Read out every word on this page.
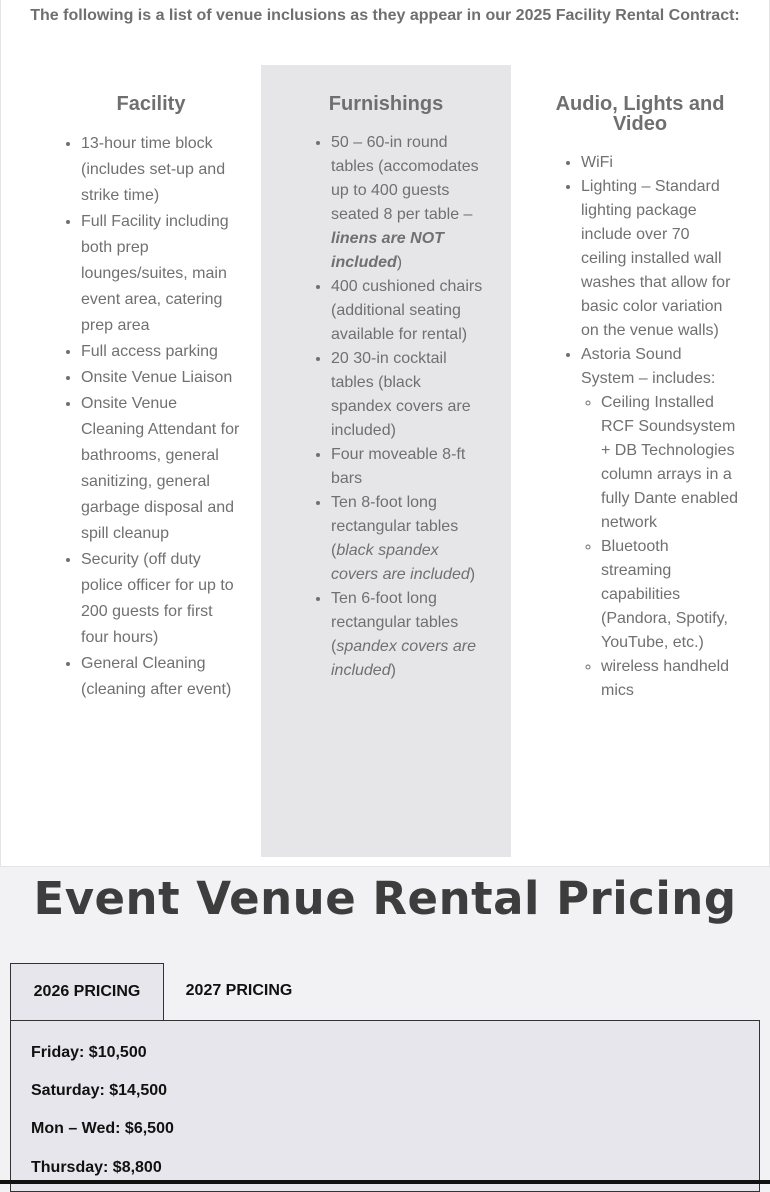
The following is a list of venue inclusions as they appear in our 2025 Facility Rental Contract:
Facility
• 13-hour time block (includes set-up and strike time)
• Full Facility including both prep lounges/suites, main event area, catering prep area
• Full access parking
• Onsite Venue Liaison
• Onsite Venue Cleaning Attendant for bathrooms, general sanitizing, general garbage disposal and spill cleanup
• Security (off duty police officer for up to 200 guests for first four hours)
• General Cleaning (cleaning after event)
Furnishings
• 50 – 60-in round tables (accomodates up to 400 guests seated 8 per table – linens are NOT included)
• 400 cushioned chairs (additional seating available for rental)
• 20 30-in cocktail tables (black spandex covers are included)
• Four moveable 8-ft bars
• Ten 8-foot long rectangular tables (black spandex covers are included)
• Ten 6-foot long rectangular tables (spandex covers are included)
Audio, Lights and Video
• WiFi
• Lighting – Standard lighting package include over 70 ceiling installed wall washes that allow for basic color variation on the venue walls)
• Astoria Sound System – includes:
◦ Ceiling Installed RCF Soundsystem + DB Technologies column arrays in a fully Dante enabled network
◦ Bluetooth streaming capabilities (Pandora, Spotify, YouTube, etc.)
◦ wireless handheld mics
Event Venue Rental Pricing
2026 PRICING	2027 PRICING

Friday: $10,500

Saturday: $14,500

Mon – Wed: $6,500

Thursday: $8,800
